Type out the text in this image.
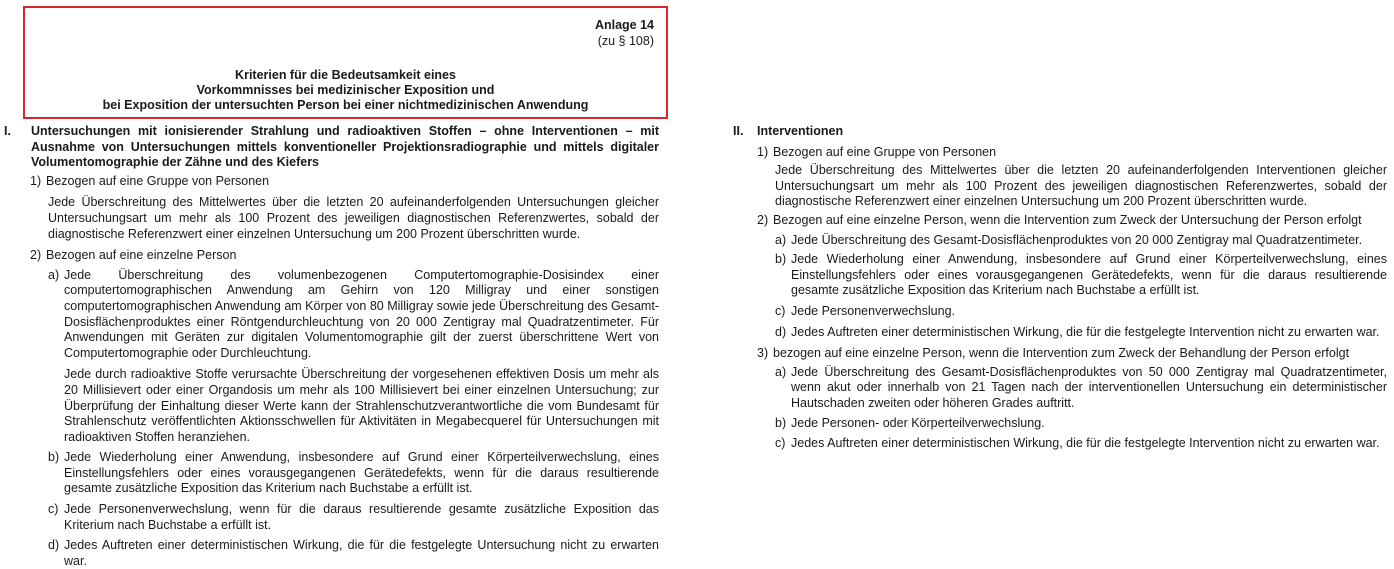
Anlage 14
(zu § 108)
Kriterien für die Bedeutsamkeit eines
Vorkommnisses bei medizinischer Exposition und
bei Exposition der untersuchten Person bei einer nichtmedizinischen Anwendung
I.	Untersuchungen mit ionisierender Strahlung und radioaktiven Stoffen – ohne Interventionen – mit Ausnahme von Untersuchungen mittels konventioneller Projektionsradiographie und mittels digitaler Volumentomographie der Zähne und des Kiefers
1) Bezogen auf eine Gruppe von Personen
Jede Überschreitung des Mittelwertes über die letzten 20 aufeinanderfolgenden Untersuchungen gleicher Untersuchungsart um mehr als 100 Prozent des jeweiligen diagnostischen Referenzwertes, sobald der diagnostische Referenzwert einer einzelnen Untersuchung um 200 Prozent überschritten wurde.
2) Bezogen auf eine einzelne Person
a) Jede Überschreitung des volumenbezogenen Computertomographie-Dosisindex einer computertomographischen Anwendung am Gehirn von 120 Milligray und einer sonstigen computertomographischen Anwendung am Körper von 80 Milligray sowie jede Überschreitung des Gesamt-Dosisflächenproduktes einer Röntgendurchleuchtung von 20 000 Zentigray mal Quadratzentimeter. Für Anwendungen mit Geräten zur digitalen Volumentomographie gilt der zuerst überschrittene Wert von Computertomographie oder Durchleuchtung.
Jede durch radioaktive Stoffe verursachte Überschreitung der vorgesehenen effektiven Dosis um mehr als 20 Millisievert oder einer Organdosis um mehr als 100 Millisievert bei einer einzelnen Untersuchung; zur Überprüfung der Einhaltung dieser Werte kann der Strahlenschutzverantwortliche die vom Bundesamt für Strahlenschutz veröffentlichten Aktionsschwellen für Aktivitäten in Megabecquerel für Untersuchungen mit radioaktiven Stoffen heranziehen.
b) Jede Wiederholung einer Anwendung, insbesondere auf Grund einer Körperteilverwechslung, eines Einstellungsfehlers oder eines vorausgegangenen Gerätedefekts, wenn für die daraus resultierende gesamte zusätzliche Exposition das Kriterium nach Buchstabe a erfüllt ist.
c) Jede Personenverwechslung, wenn für die daraus resultierende gesamte zusätzliche Exposition das Kriterium nach Buchstabe a erfüllt ist.
d) Jedes Auftreten einer deterministischen Wirkung, die für die festgelegte Untersuchung nicht zu erwarten war.
II.	Interventionen
1) Bezogen auf eine Gruppe von Personen
Jede Überschreitung des Mittelwertes über die letzten 20 aufeinanderfolgenden Interventionen gleicher Untersuchungsart um mehr als 100 Prozent des jeweiligen diagnostischen Referenzwertes, sobald der diagnostische Referenzwert einer einzelnen Untersuchung um 200 Prozent überschritten wurde.
2) Bezogen auf eine einzelne Person, wenn die Intervention zum Zweck der Untersuchung der Person erfolgt
a) Jede Überschreitung des Gesamt-Dosisflächenproduktes von 20 000 Zentigray mal Quadratzentimeter.
b) Jede Wiederholung einer Anwendung, insbesondere auf Grund einer Körperteilverwechslung, eines Einstellungsfehlers oder eines vorausgegangenen Gerätedefekts, wenn für die daraus resultierende gesamte zusätzliche Exposition das Kriterium nach Buchstabe a erfüllt ist.
c) Jede Personenverwechslung.
d) Jedes Auftreten einer deterministischen Wirkung, die für die festgelegte Intervention nicht zu erwarten war.
3) bezogen auf eine einzelne Person, wenn die Intervention zum Zweck der Behandlung der Person erfolgt
a) Jede Überschreitung des Gesamt-Dosisflächenproduktes von 50 000 Zentigray mal Quadratzentimeter, wenn akut oder innerhalb von 21 Tagen nach der interventionellen Untersuchung ein deterministischer Hautschaden zweiten oder höheren Grades auftritt.
b) Jede Personen- oder Körperteilverwechslung.
c) Jedes Auftreten einer deterministischen Wirkung, die für die festgelegte Intervention nicht zu erwarten war.
